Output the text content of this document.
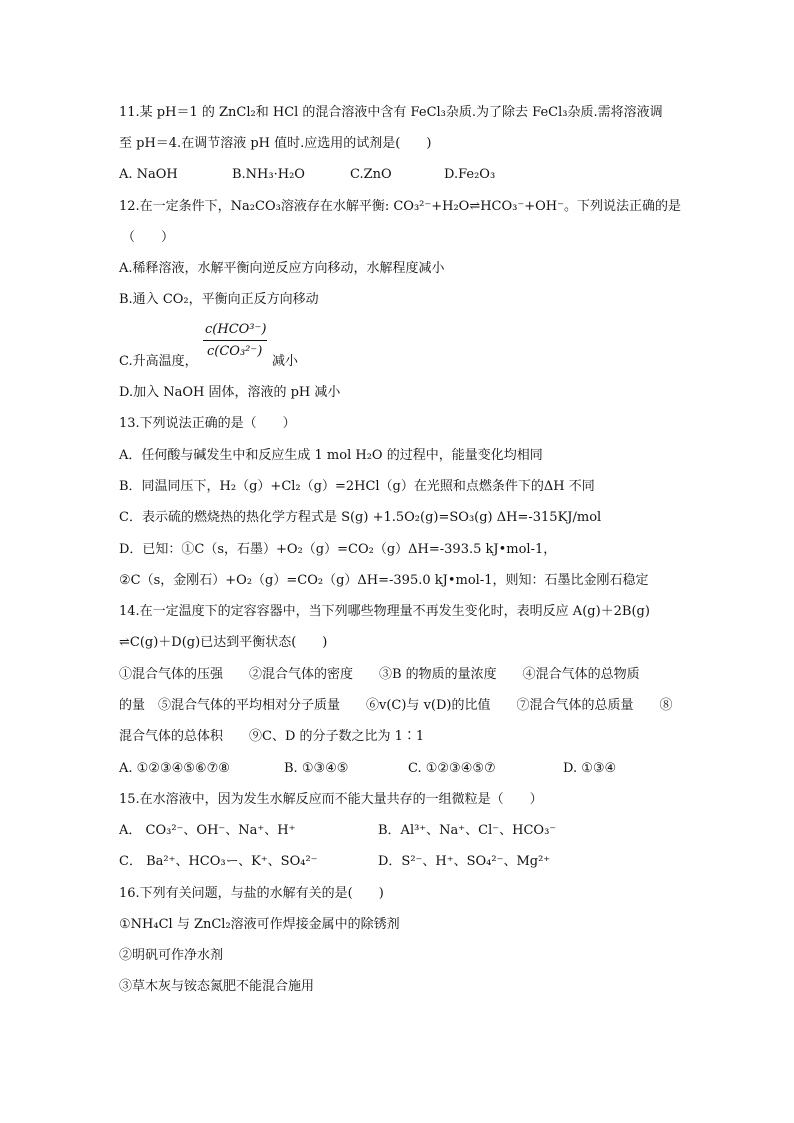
11.某 pH＝1 的 ZnCl₂和 HCl 的混合溶液中含有 FeCl₃杂质.为了除去 FeCl₃杂质.需将溶液调
至 pH＝4.在调节溶液 pH 值时.应选用的试剂是(　　)
A. NaOH	B.NH₃·H₂O	C.ZnO	D.Fe₂O₃
12.在一定条件下，Na₂CO₃溶液存在水解平衡: CO₃²⁻+H₂O⇌HCO₃⁻+OH⁻。下列说法正确的是
（　　）
A.稀释溶液，水解平衡向逆反应方向移动，水解程度减小
B.通入 CO₂，平衡向正反方向移动
C.升高温度，
c(HCO³⁻)
c(CO₃²⁻)
减小
D.加入 NaOH 固体，溶液的 pH 减小
13.下列说法正确的是（　　）
A．任何酸与碱发生中和反应生成 1 mol H₂O 的过程中，能量变化均相同
B．同温同压下，H₂（g）+Cl₂（g）=2HCl（g）在光照和点燃条件下的ΔH 不同
C．表示硫的燃烧热的热化学方程式是 S(g) +1.5O₂(g)=SO₃(g) ΔH=-315KJ/mol
D．已知：①C（s，石墨）+O₂（g）=CO₂（g）ΔH=-393.5 kJ•mol-1，
②C（s，金刚石）+O₂（g）=CO₂（g）ΔH=-395.0 kJ•mol-1，则知：石墨比金刚石稳定
14.在一定温度下的定容容器中，当下列哪些物理量不再发生变化时，表明反应 A(g)＋2B(g)
⇌C(g)＋D(g)已达到平衡状态(　　)
①混合气体的压强　　②混合气体的密度　　③B 的物质的量浓度　　④混合气体的总物质
的量　⑤混合气体的平均相对分子质量　　⑥v(C)与 v(D)的比值　　⑦混合气体的总质量　　⑧
混合气体的总体积　　⑨C、D 的分子数之比为 1∶1
A. ①②③④⑤⑥⑦⑧	B. ①③④⑤	C. ①②③④⑤⑦	D. ①③④
15.在水溶液中，因为发生水解反应而不能大量共存的一组微粒是（　　）
A． CO₃²⁻、OH⁻、Na⁺、H⁺	B．Al³⁺、Na⁺、Cl⁻、HCO₃⁻
C． Ba²⁺、HCO₃ー、K⁺、SO₄²⁻	D．S²⁻、H⁺、SO₄²⁻、Mg²⁺
16.下列有关问题，与盐的水解有关的是(　　)
①NH₄Cl 与 ZnCl₂溶液可作焊接金属中的除锈剂
②明矾可作净水剂
③草木灰与铵态氮肥不能混合施用
